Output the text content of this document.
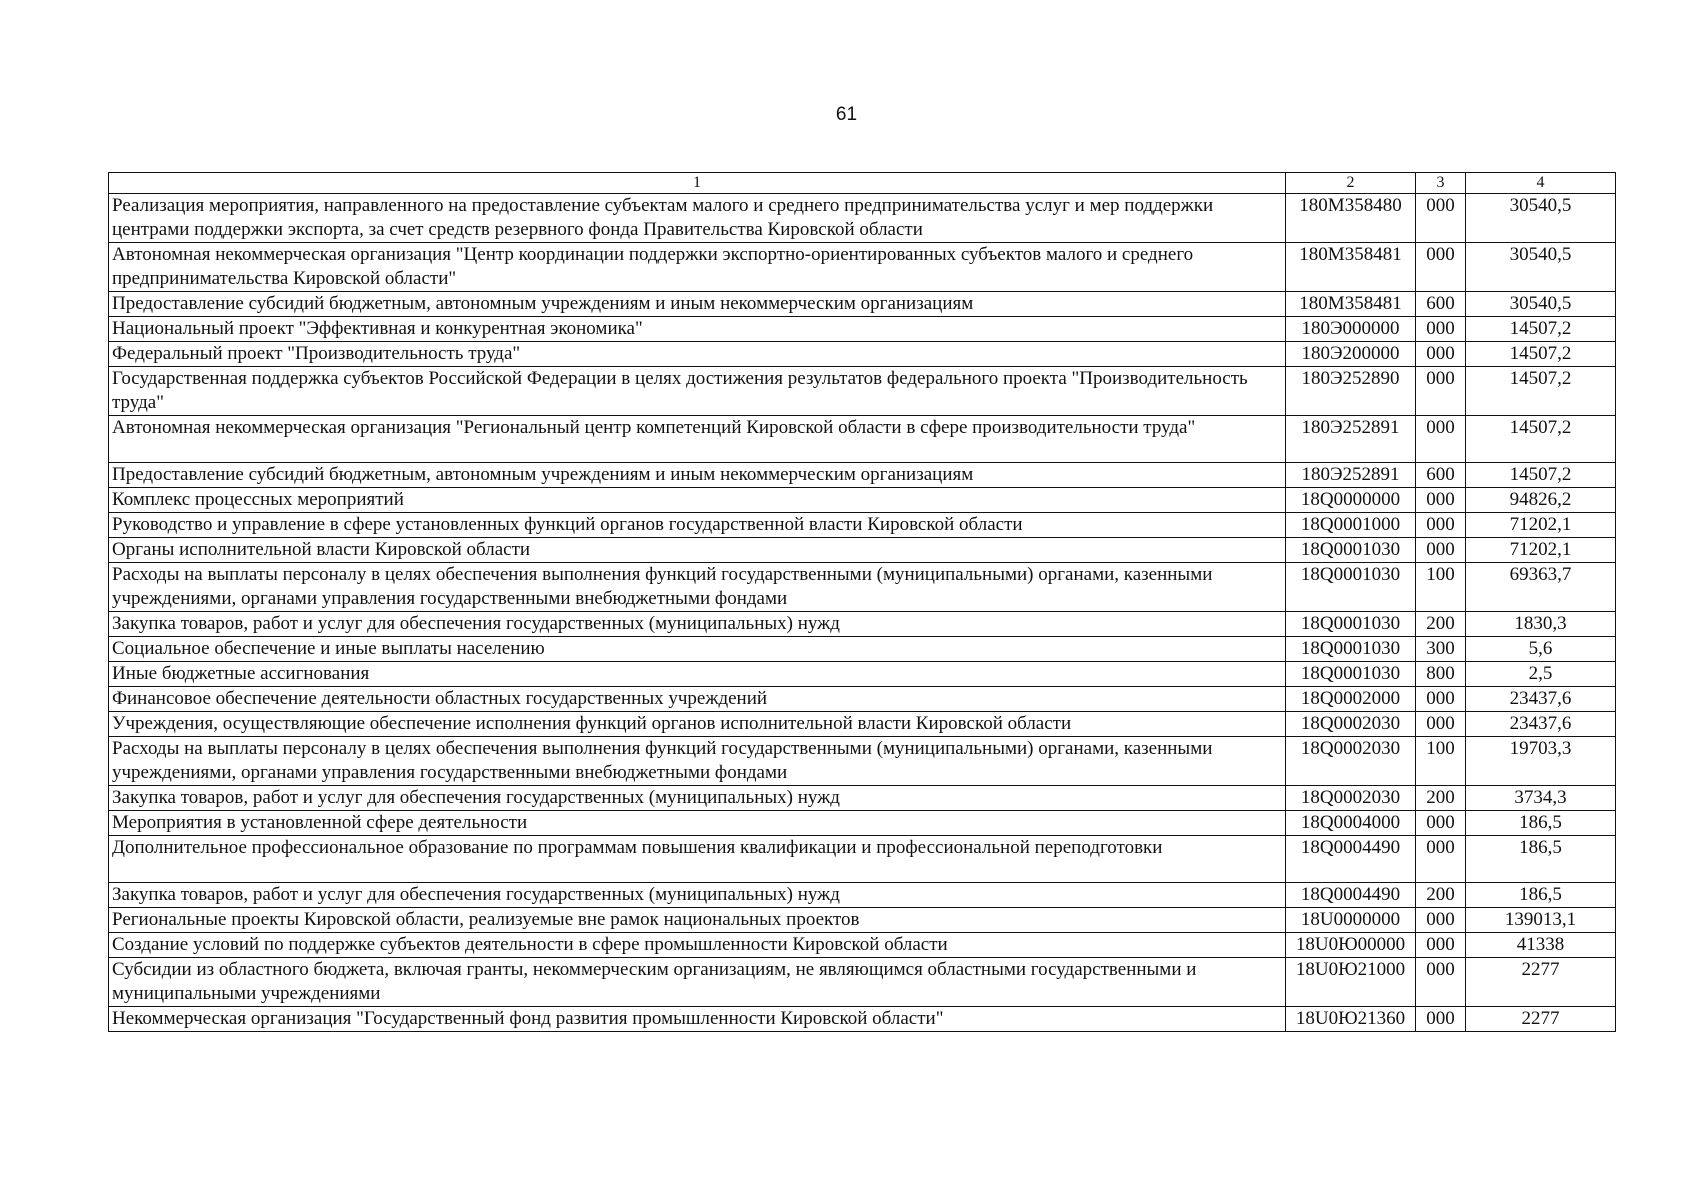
61
1	2	3	4
Реализация мероприятия, направленного на предоставление субъектам малого и среднего предпринимательства услуг и мер поддержки центрами поддержки экспорта, за счет средств резервного фонда Правительства Кировской области	180M358480	000	30540,5
Автономная некоммерческая организация "Центр координации поддержки экспортно-ориентированных субъектов малого и среднего предпринимательства Кировской области"	180M358481	000	30540,5
Предоставление субсидий бюджетным, автономным учреждениям и иным некоммерческим организациям	180M358481	600	30540,5
Национальный проект "Эффективная и конкурентная экономика"	180Э000000	000	14507,2
Федеральный проект "Производительность труда"	180Э200000	000	14507,2
Государственная поддержка субъектов Российской Федерации в целях достижения результатов федерального проекта "Производительность труда"	180Э252890	000	14507,2
Автономная некоммерческая организация "Региональный центр компетенций Кировской области в сфере производительности труда"	180Э252891	000	14507,2
Предоставление субсидий бюджетным, автономным учреждениям и иным некоммерческим организациям	180Э252891	600	14507,2
Комплекс процессных мероприятий	18Q0000000	000	94826,2
Руководство и управление в сфере установленных функций органов государственной власти Кировской области	18Q0001000	000	71202,1
Органы исполнительной власти Кировской области	18Q0001030	000	71202,1
Расходы на выплаты персоналу в целях обеспечения выполнения функций государственными (муниципальными) органами, казенными учреждениями, органами управления государственными внебюджетными фондами	18Q0001030	100	69363,7
Закупка товаров, работ и услуг для обеспечения государственных (муниципальных) нужд	18Q0001030	200	1830,3
Социальное обеспечение и иные выплаты населению	18Q0001030	300	5,6
Иные бюджетные ассигнования	18Q0001030	800	2,5
Финансовое обеспечение деятельности областных государственных учреждений	18Q0002000	000	23437,6
Учреждения, осуществляющие обеспечение исполнения функций органов исполнительной власти Кировской области	18Q0002030	000	23437,6
Расходы на выплаты персоналу в целях обеспечения выполнения функций государственными (муниципальными) органами, казенными учреждениями, органами управления государственными внебюджетными фондами	18Q0002030	100	19703,3
Закупка товаров, работ и услуг для обеспечения государственных (муниципальных) нужд	18Q0002030	200	3734,3
Мероприятия в установленной сфере деятельности	18Q0004000	000	186,5
Дополнительное профессиональное образование по программам повышения квалификации и профессиональной переподготовки	18Q0004490	000	186,5
Закупка товаров, работ и услуг для обеспечения государственных (муниципальных) нужд	18Q0004490	200	186,5
Региональные проекты Кировской области, реализуемые вне рамок национальных проектов	18U0000000	000	139013,1
Создание условий по поддержке субъектов деятельности в сфере промышленности Кировской области	18U0Ю00000	000	41338
Субсидии из областного бюджета, включая гранты, некоммерческим организациям, не являющимся областными государственными и муниципальными учреждениями	18U0Ю21000	000	2277
Некоммерческая организация "Государственный фонд развития промышленности Кировской области"	18U0Ю21360	000	2277
